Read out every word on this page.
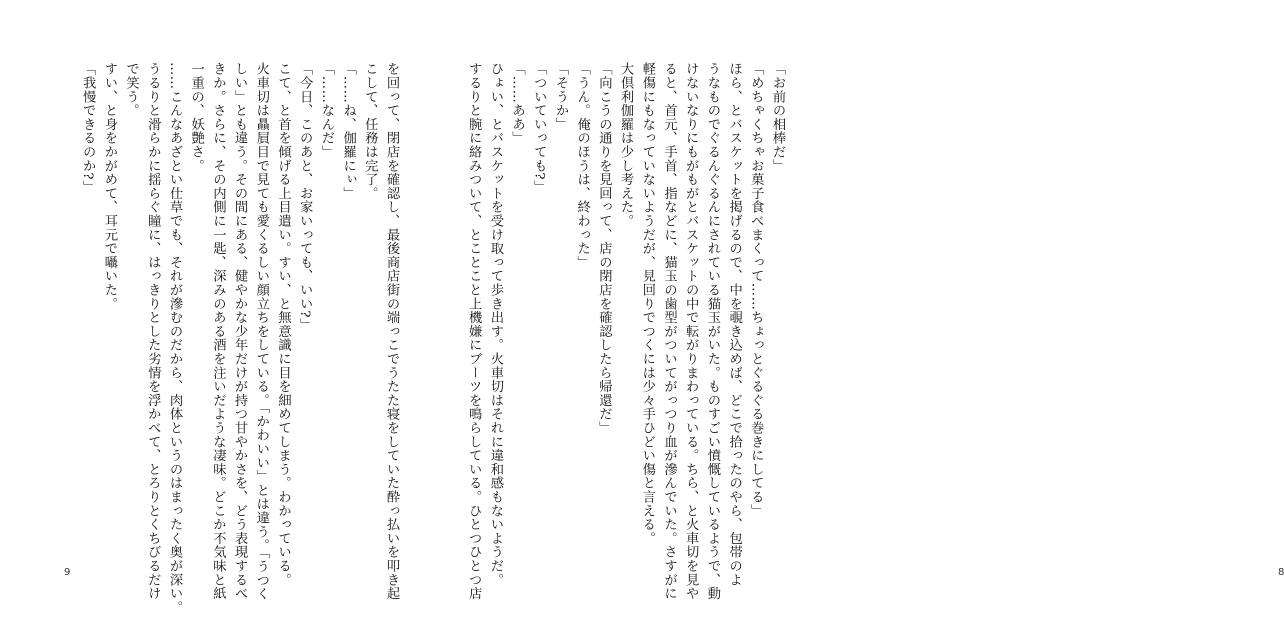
を回って、閉店を確認し、最後商店街の端っこでうたた寝をしていた酔っ払いを叩き起
こして、任務は完了。
「……ね、伽羅にぃ」
「……なんだ」
「今日、このあと、お家いっても、いい?」
こて、と首を傾げる上目遣い。すい、と無意識に目を細めてしまう。わかっている。
火車切は贔屓目で見ても愛くるしい顔立ちをしている。「かわいい」とは違う。「うつく
しい」とも違う。その間にある、健やかな少年だけが持つ甘やかさを、どう表現するべ
きか。さらに、その内側に一匙、深みのある酒を注いだような凄味。どこか不気味と紙
一重の、妖艶さ。
……こんなあざとい仕草でも、それが滲むのだから、肉体というのはまったく奥が深い。
うるりと滑らかに揺らぐ瞳に、はっきりとした劣情を浮かべて、とろりとくちびるだけ
で笑う。
すい、と身をかがめて、耳元で囁いた。
「我慢できるのか?」
9	8
「お前の相棒だ」
「めちゃくちゃお菓子食べまくって……ちょっとぐるぐる巻きにしてる」
ほら、とバスケットを掲げるので、中を覗き込めば、どこで拾ったのやら、包帯のよ
うなものでぐるんぐるんにされている猫玉がいた。ものすごい憤慨しているようで、動
けないなりにもがもがとバスケットの中で転がりまわっている。ちら、と火車切を見や
ると、首元、手首、指などに、猫玉の歯型がついてがっつり血が滲んでいた。さすがに
軽傷にもなっていないようだが、見回りでつくには少々手ひどい傷と言える。
大倶利伽羅は少し考えた。
「向こうの通りを見回って、店の閉店を確認したら帰還だ」
「うん。俺のほうは、終わった」
「そうか」
「ついていっても?」
「……ああ」
ひょい、とバスケットを受け取って歩き出す。火車切はそれに違和感もないようだ。
するりと腕に絡みついて、とことこと上機嫌にブーツを鳴らしている。ひとつひとつ店
